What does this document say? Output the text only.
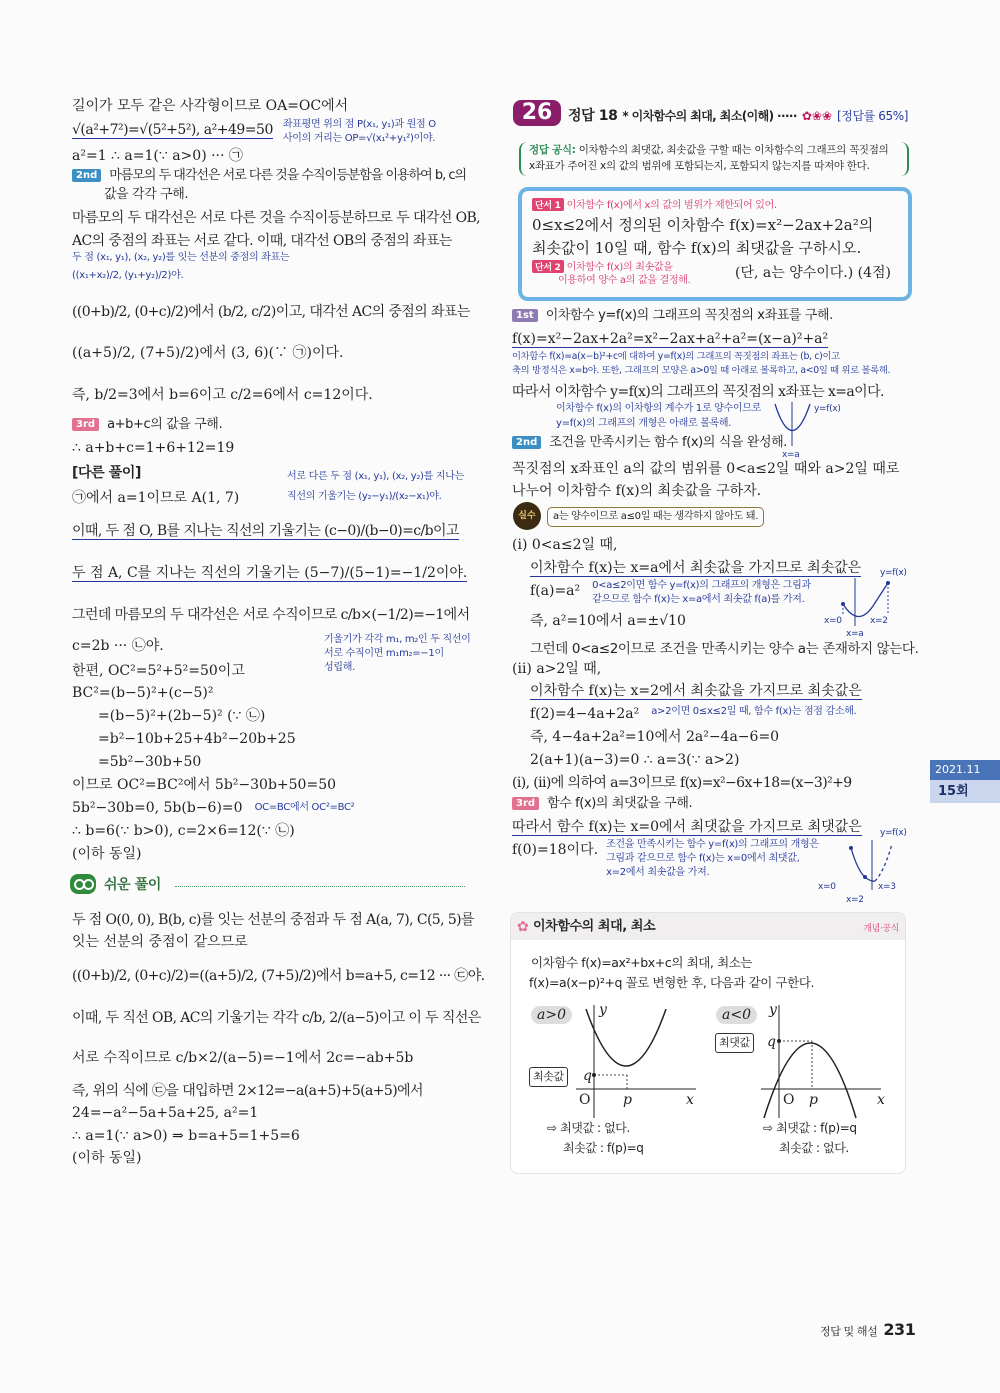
길이가 모두 같은 사각형이므로 OA=OC에서
√(a²+7²)=√(5²+5²), a²+49=50 좌표평면 위의 점 P(x₁, y₁)과 원점 O
사이의 거리는 OP=√(x₁²+y₁²)이야.
a²=1 ∴ a=1(∵ a>0) ··· ㉠
2nd 마름모의 두 대각선은 서로 다른 것을 수직이등분함을 이용하여 b, c의
값을 각각 구해.
마름모의 두 대각선은 서로 다른 것을 수직이등분하므로 두 대각선 OB,
AC의 중점의 좌표는 서로 같다. 이때, 대각선 OB의 중점의 좌표는
두 점 (x₁, y₁), (x₂, y₂)를 잇는 선분의 중점의 좌표는
((x₁+x₂)/2, (y₁+y₂)/2)야.
((0+b)/2, (0+c)/2)에서 (b/2, c/2)이고, 대각선 AC의 중점의 좌표는
((a+5)/2, (7+5)/2)에서 (3, 6)(∵ ㉠)이다.
즉, b/2=3에서 b=6이고 c/2=6에서 c=12이다.
3rd a+b+c의 값을 구해.
∴ a+b+c=1+6+12=19
[다른 풀이]	서로 다른 두 점 (x₁, y₁), (x₂, y₂)를 지나는
직선의 기울기는 (y₂−y₁)/(x₂−x₁)야.
㉠에서 a=1이므로 A(1, 7)
이때, 두 점 O, B를 지나는 직선의 기울기는 (c−0)/(b−0)=c/b이고
두 점 A, C를 지나는 직선의 기울기는 (5−7)/(5−1)=−1/2이야.
그런데 마름모의 두 대각선은 서로 수직이므로 c/b×(−1/2)=−1에서
c=2b ··· ㉡야.	기울기가 각각 m₁, m₂인 두 직선이
서로 수직이면 m₁m₂=−1이
성립해.
한편, OC²=5²+5²=50이고
BC²=(b−5)²+(c−5)²
=(b−5)²+(2b−5)² (∵ ㉡)
=b²−10b+25+4b²−20b+25
=5b²−30b+50
이므로 OC²=BC²에서 5b²−30b+50=50
5b²−30b=0, 5b(b−6)=0 OC=BC에서 OC²=BC²
∴ b=6(∵ b>0), c=2×6=12(∵ ㉡)
(이하 동일)
쉬운 풀이
두 점 O(0, 0), B(b, c)를 잇는 선분의 중점과 두 점 A(a, 7), C(5, 5)를
잇는 선분의 중점이 같으므로
((0+b)/2, (0+c)/2)=((a+5)/2, (7+5)/2)에서 b=a+5, c=12 ··· ㉢야.
이때, 두 직선 OB, AC의 기울기는 각각 c/b, 2/(a−5)이고 이 두 직선은
서로 수직이므로 c/b×2/(a−5)=−1에서 2c=−ab+5b
즉, 위의 식에 ㉢을 대입하면 2×12=−a(a+5)+5(a+5)에서
24=−a²−5a+5a+25, a²=1
∴ a=1(∵ a>0) ⇒ b=a+5=1+5=6
(이하 동일)
26	정답 18 * 이차함수의 최대, 최소(이해) ····· ✿❀❀ [정답률 65%]
정답 공식: 이차함수의 최댓값, 최솟값을 구할 때는 이차함수의 그래프의 꼭짓점의
x좌표가 주어진 x의 값의 범위에 포함되는지, 포함되지 않는지를 따져야 한다.
단서 1 이차함수 f(x)에서 x의 값의 범위가 제한되어 있어.
0≤x≤2에서 정의된 이차함수 f(x)=x²−2ax+2a²의
최솟값이 10일 때, 함수 f(x)의 최댓값을 구하시오.
단서 2 이차함수 f(x)의 최솟값을
이용하여 양수 a의 값을 결정해.	(단, a는 양수이다.) (4점)
1st 이차함수 y=f(x)의 그래프의 꼭짓점의 x좌표를 구해.
f(x)=x²−2ax+2a²=x²−2ax+a²+a²=(x−a)²+a²
이차함수 f(x)=a(x−b)²+c에 대하여 y=f(x)의 그래프의 꼭짓점의 좌표는 (b, c)이고
축의 방정식은 x=b야. 또한, 그래프의 모양은 a>0일 때 아래로 볼록하고, a<0일 때 위로 볼록해.
따라서 이차함수 y=f(x)의 그래프의 꼭짓점의 x좌표는 x=a이다.
이차함수 f(x)의 이차항의 계수가 1로 양수이므로
y=f(x)의 그래프의 개형은 아래로 볼록해.
y=f(x)
x=a
2nd 조건을 만족시키는 함수 f(x)의 식을 완성해.
꼭짓점의 x좌표인 a의 값의 범위를 0<a≤2일 때와 a>2일 때로
나누어 이차함수 f(x)의 최솟값을 구하자.
실수	a는 양수이므로 a≤0일 때는 생각하지 않아도 돼.
(i) 0<a≤2일 때,
이차함수 f(x)는 x=a에서 최솟값을 가지므로 최솟값은
f(a)=a² 0<a≤2이면 함수 y=f(x)의 그래프의 개형은 그림과
같으므로 함수 f(x)는 x=a에서 최솟값 f(a)를 가져.
y=f(x)
x=0	x=2
x=a
즉, a²=10에서 a=±√10
그런데 0<a≤2이므로 조건을 만족시키는 양수 a는 존재하지 않는다.
(ii) a>2일 때,
이차함수 f(x)는 x=2에서 최솟값을 가지므로 최솟값은
f(2)=4−4a+2a² a>2이면 0≤x≤2일 때, 함수 f(x)는 점점 감소해.
즉, 4−4a+2a²=10에서 2a²−4a−6=0
2(a+1)(a−3)=0 ∴ a=3(∵ a>2)
(i), (ii)에 의하여 a=3이므로 f(x)=x²−6x+18=(x−3)²+9
3rd 함수 f(x)의 최댓값을 구해.
따라서 함수 f(x)는 x=0에서 최댓값을 가지므로 최댓값은
f(0)=18이다. 조건을 만족시키는 함수 y=f(x)의 그래프의 개형은
그림과 같으므로 함수 f(x)는 x=0에서 최댓값,
x=2에서 최솟값을 가져.
y=f(x)
x=0
x=2
x=3
✿ 이차함수의 최대, 최소	개념·공식
이차함수 f(x)=ax²+bx+c의 최대, 최소는
f(x)=a(x−p)²+q 꼴로 변형한 후, 다음과 같이 구한다.
a>0
최솟값 q
O p	x
y
⇨ 최댓값 : 없다.
최솟값 : f(p)=q
a<0
최댓값 q
O p	x
y
⇨ 최댓값 : f(p)=q
최솟값 : 없다.
2021.11
15회
정답 및 해설 231
